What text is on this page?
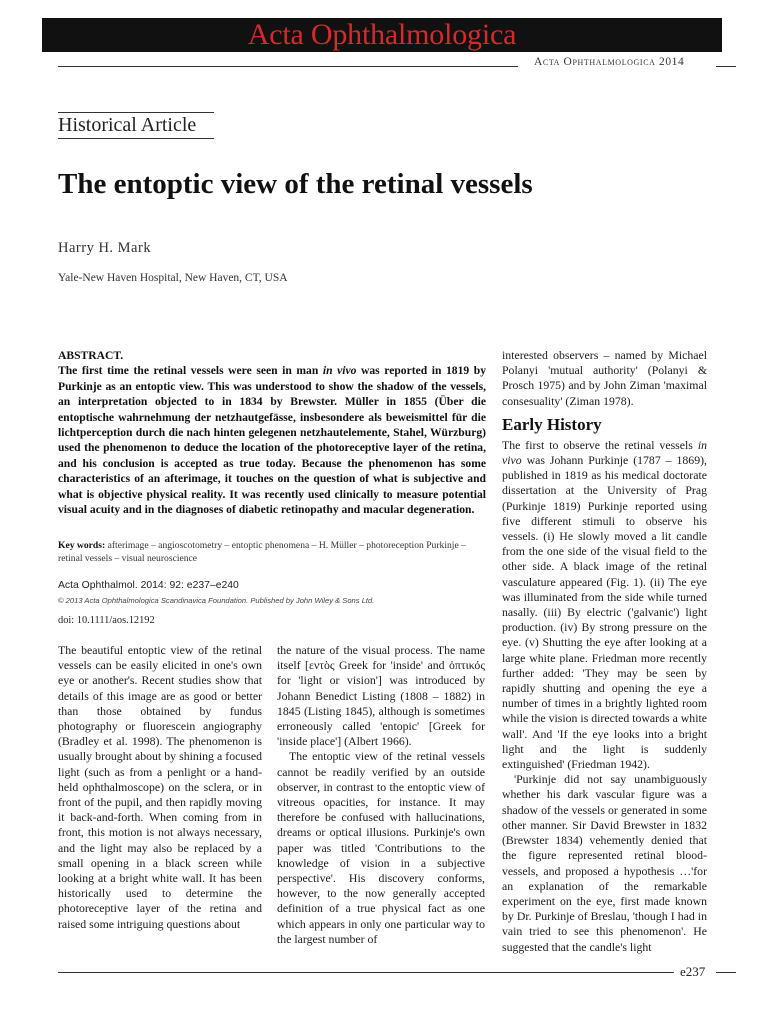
Acta Ophthalmologica
Acta Ophthalmologica 2014
Historical Article
The entoptic view of the retinal vessels
Harry H. Mark
Yale-New Haven Hospital, New Haven, CT, USA
ABSTRACT.
The first time the retinal vessels were seen in man in vivo was reported in 1819 by Purkinje as an entoptic view. This was understood to show the shadow of the vessels, an interpretation objected to in 1834 by Brewster. Müller in 1855 (Über die entoptische wahrnehmung der netzhautgefässe, insbesondere als beweismittel für die lichtperception durch die nach hinten gelegenen netzhautelemente, Stahel, Würzburg) used the phenomenon to deduce the location of the photoreceptive layer of the retina, and his conclusion is accepted as true today. Because the phenomenon has some characteristics of an afterimage, it touches on the question of what is subjective and what is objective physical reality. It was recently used clinically to measure potential visual acuity and in the diagnoses of diabetic retinopathy and macular degeneration.
Key words: afterimage – angioscotometry – entoptic phenomena – H. Müller – photoreception Purkinje – retinal vessels – visual neuroscience
Acta Ophthalmol. 2014: 92: e237–e240
© 2013 Acta Ophthalmologica Scandinavica Foundation. Published by John Wiley & Sons Ltd.
doi: 10.1111/aos.12192

The beautiful entoptic view of the retinal vessels can be easily elicited in one's own eye or another's. Recent studies show that details of this image are as good or better than those obtained by fundus photography or fluorescein angiography (Bradley et al. 1998). The phenomenon is usually brought about by shining a focused light (such as from a penlight or a hand-held ophthalmoscope) on the sclera, or in front of the pupil, and then rapidly moving it back-and-forth. When coming from in front, this motion is not always necessary, and the light may also be replaced by a small opening in a black screen while looking at a bright white wall. It has been historically used to determine the photoreceptive layer of the retina and raised some intriguing questions about

the nature of the visual process. The name itself [εντὸς Greek for 'inside' and ὀπτικός for 'light or vision'] was introduced by Johann Benedict Listing (1808 – 1882) in 1845 (Listing 1845), although is sometimes erroneously called 'entopic' [Greek for 'inside place'] (Albert 1966).

The entoptic view of the retinal vessels cannot be readily verified by an outside observer, in contrast to the entoptic view of vitreous opacities, for instance. It may therefore be confused with hallucinations, dreams or optical illusions. Purkinje's own paper was titled 'Contributions to the knowledge of vision in a subjective perspective'. His discovery conforms, however, to the now generally accepted definition of a true physical fact as one which appears in only one particular way to the largest number of

interested observers – named by Michael Polanyi 'mutual authority' (Polanyi & Prosch 1975) and by John Ziman 'maximal consesuality' (Ziman 1978).

Early History

The first to observe the retinal vessels in vivo was Johann Purkinje (1787 – 1869), published in 1819 as his medical doctorate dissertation at the University of Prag (Purkinje 1819) Purkinje reported using five different stimuli to observe his vessels. (i) He slowly moved a lit candle from the one side of the visual field to the other side. A black image of the retinal vasculature appeared (Fig. 1). (ii) The eye was illuminated from the side while turned nasally. (iii) By electric ('galvanic') light production. (iv) By strong pressure on the eye. (v) Shutting the eye after looking at a large white plane. Friedman more recently further added: 'They may be seen by rapidly shutting and opening the eye a number of times in a brightly lighted room while the vision is directed towards a white wall'. And 'If the eye looks into a bright light and the light is suddenly extinguished' (Friedman 1942).

'Purkinje did not say unambiguously whether his dark vascular figure was a shadow of the vessels or generated in some other manner. Sir David Brewster in 1832 (Brewster 1834) vehemently denied that the figure represented retinal blood-vessels, and proposed a hypothesis …'for an explanation of the remarkable experiment on the eye, first made known by Dr. Purkinje of Breslau, 'though I had in vain tried to see this phenomenon'. He suggested that the candle's light

e237
